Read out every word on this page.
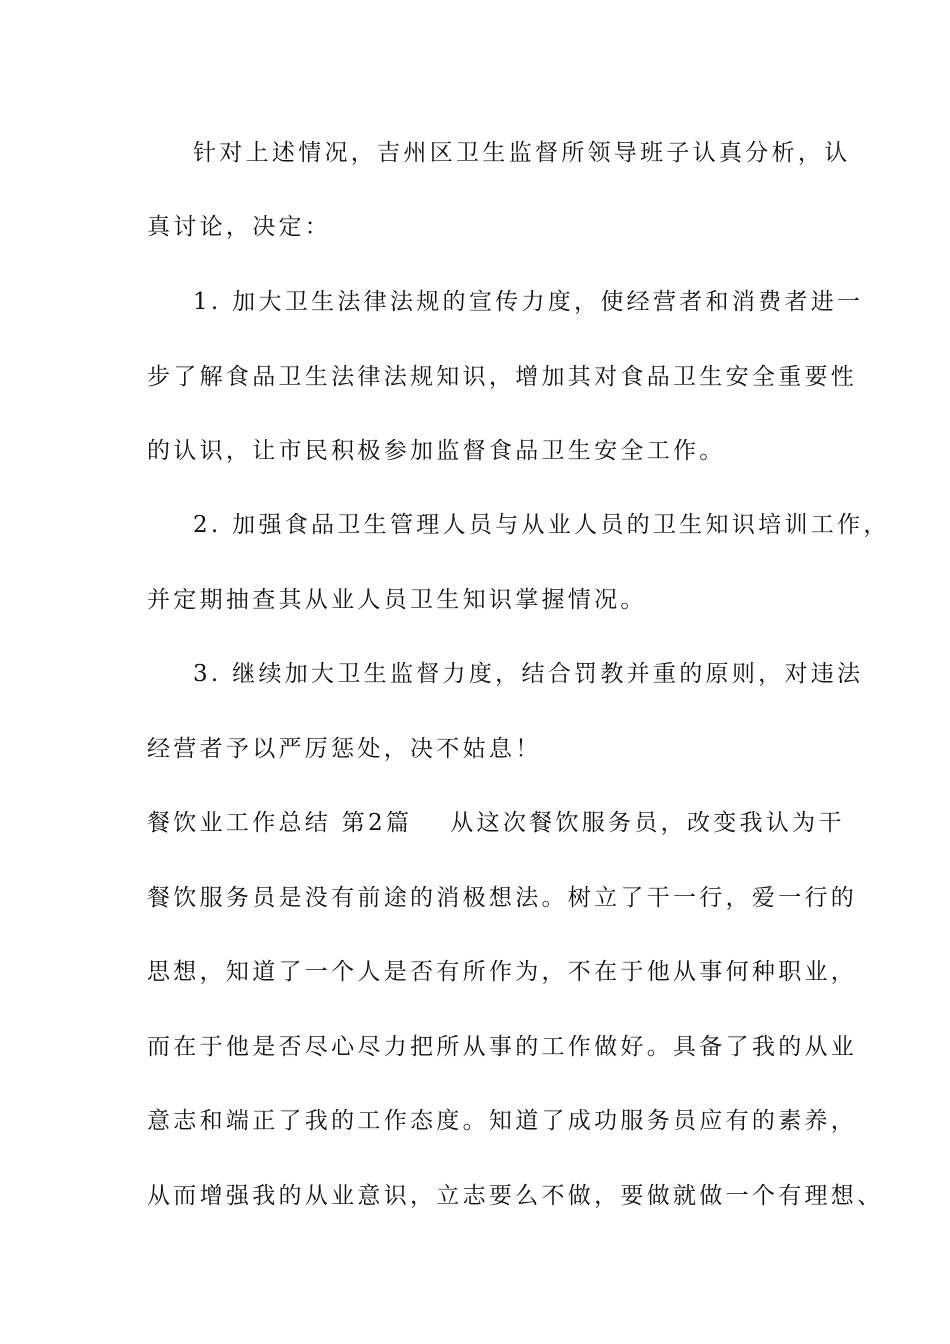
针对上述情况，吉州区卫生监督所领导班子认真分析，认
真讨论，决定：
1. 加大卫生法律法规的宣传力度，使经营者和消费者进一
步了解食品卫生法律法规知识，增加其对食品卫生安全重要性
的认识，让市民积极参加监督食品卫生安全工作。
2. 加强食品卫生管理人员与从业人员的卫生知识培训工作，
并定期抽查其从业人员卫生知识掌握情况。
3. 继续加大卫生监督力度，结合罚教并重的原则，对违法
经营者予以严厉惩处，决不姑息！
餐饮业工作总结 第2篇 从这次餐饮服务员，改变我认为干
餐饮服务员是没有前途的消极想法。树立了干一行，爱一行的
思想，知道了一个人是否有所作为，不在于他从事何种职业，
而在于他是否尽心尽力把所从事的工作做好。具备了我的从业
意志和端正了我的工作态度。知道了成功服务员应有的素养，
从而增强我的从业意识，立志要么不做，要做就做一个有理想、
